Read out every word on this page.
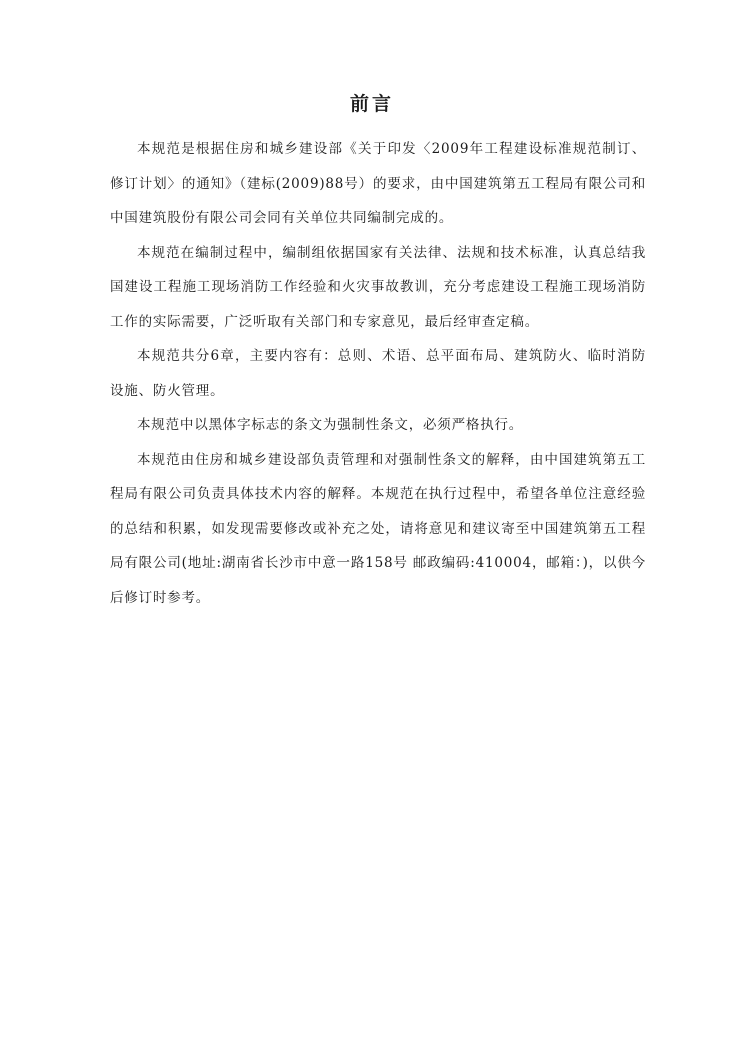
前言

本规范是根据住房和城乡建设部《关于印发〈2009年工程建设标准规范制订、修订计划〉的通知》（建标(2009)88号）的要求，由中国建筑第五工程局有限公司和中国建筑股份有限公司会同有关单位共同编制完成的。

本规范在编制过程中，编制组依据国家有关法律、法规和技术标准，认真总结我国建设工程施工现场消防工作经验和火灾事故教训，充分考虑建设工程施工现场消防工作的实际需要，广泛听取有关部门和专家意见，最后经审查定稿。

本规范共分6章，主要内容有：总则、术语、总平面布局、建筑防火、临时消防设施、防火管理。

本规范中以黑体字标志的条文为强制性条文，必须严格执行。

本规范由住房和城乡建设部负责管理和对强制性条文的解释，由中国建筑第五工程局有限公司负责具体技术内容的解释。本规范在执行过程中，希望各单位注意经验的总结和积累，如发现需要修改或补充之处，请将意见和建议寄至中国建筑第五工程局有限公司(地址:湖南省长沙市中意一路158号 邮政编码:410004，邮箱：)，以供今后修订时参考。
